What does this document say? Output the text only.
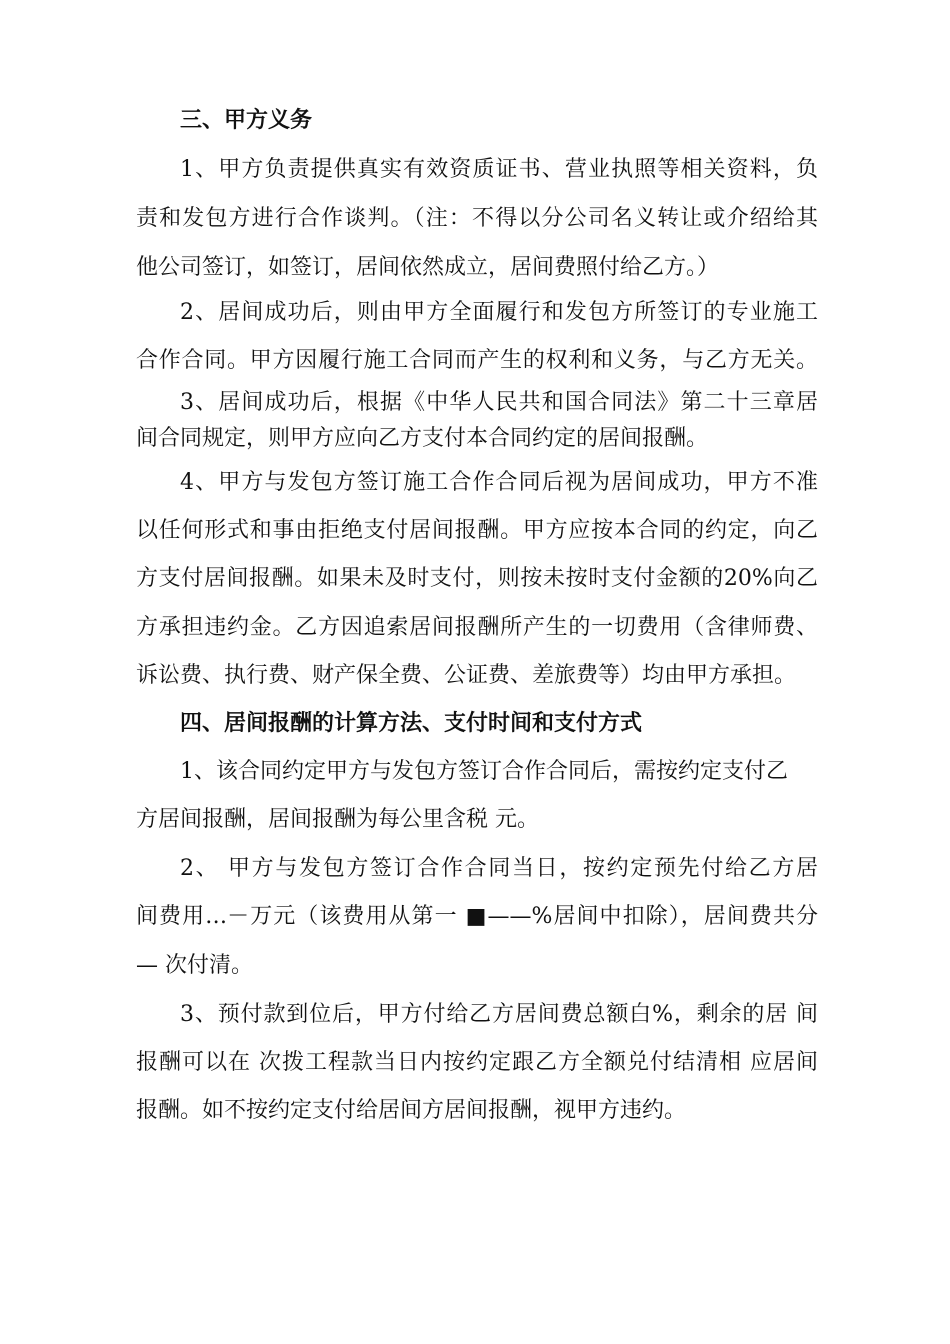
三、甲方义务
1、甲方负责提供真实有效资质证书、营业执照等相关资料，负
责和发包方进行合作谈判。（注：不得以分公司名义转让或介绍给其
他公司签订，如签订，居间依然成立，居间费照付给乙方。）
2、居间成功后，则由甲方全面履行和发包方所签订的专业施工
合作合同。甲方因履行施工合同而产生的权利和义务，与乙方无关。
3、居间成功后，根据《中华人民共和国合同法》第二十三章居
间合同规定，则甲方应向乙方支付本合同约定的居间报酬。
4、甲方与发包方签订施工合作合同后视为居间成功，甲方不准
以任何形式和事由拒绝支付居间报酬。甲方应按本合同的约定，向乙
方支付居间报酬。如果未及时支付，则按未按时支付金额的20%向乙
方承担违约金。乙方因追索居间报酬所产生的一切费用（含律师费、
诉讼费、执行费、财产保全费、公证费、差旅费等）均由甲方承担。
四、居间报酬的计算方法、支付时间和支付方式
1、该合同约定甲方与发包方签订合作合同后，需按约定支付乙
方居间报酬，居间报酬为每公里含税 元。
2、 甲方与发包方签订合作合同当日，按约定预先付给乙方居
间费用…－万元（该费用从第一 ■——%居间中扣除），居间费共分
— 次付清。
3、预付款到位后，甲方付给乙方居间费总额白%，剩余的居 间
报酬可以在 次拨工程款当日内按约定跟乙方全额兑付结清相 应居间
报酬。如不按约定支付给居间方居间报酬，视甲方违约。
